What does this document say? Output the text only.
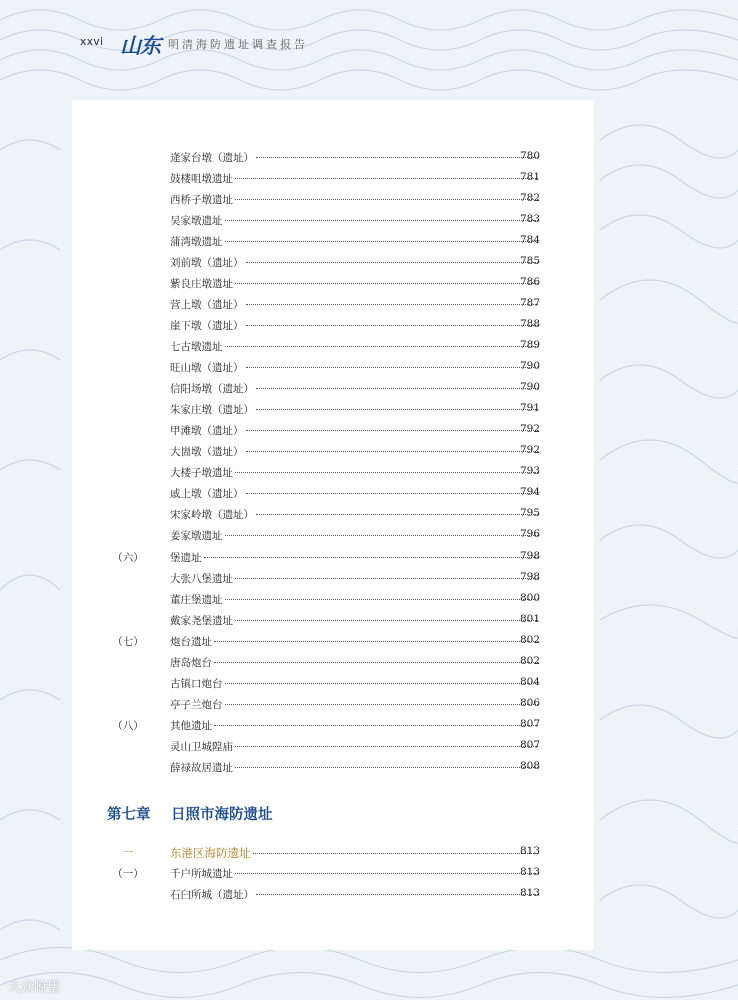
xxvi 山东 明清海防遗址调查报告
逄家台墩（遗址）	780
鼓楼咀墩遗址	781
西桥子墩遗址	782
吴家墩遗址	783
蒲湾墩遗址	784
刘前墩（遗址）	785
紫良庄墩遗址	786
营上墩（遗址）	787
崖下墩（遗址）	788
七古墩遗址	789
旺山墩（遗址）	790
信阳场墩（遗址）	790
朱家庄墩（遗址）	791
甲滩墩（遗址）	792
大崮墩（遗址）	792
大楼子墩遗址	793
戚上墩（遗址）	794
宋家岭墩（遗址）	795
姜家墩遗址	796
（六）	堡遗址	798
大张八堡遗址	798
董庄堡遗址	800
戴家尧堡遗址	801
（七）	炮台遗址	802
唐岛炮台	802
古镇口炮台	804
亭子兰炮台	806
（八）	其他遗址	807
灵山卫城隍庙	807
薛禄故居遗址	808
一	东港区海防遗址	813
（一）	千户所城遗址	813
石臼所城（遗址）	813
第七章 日照市海防遗址
大众瞭望
